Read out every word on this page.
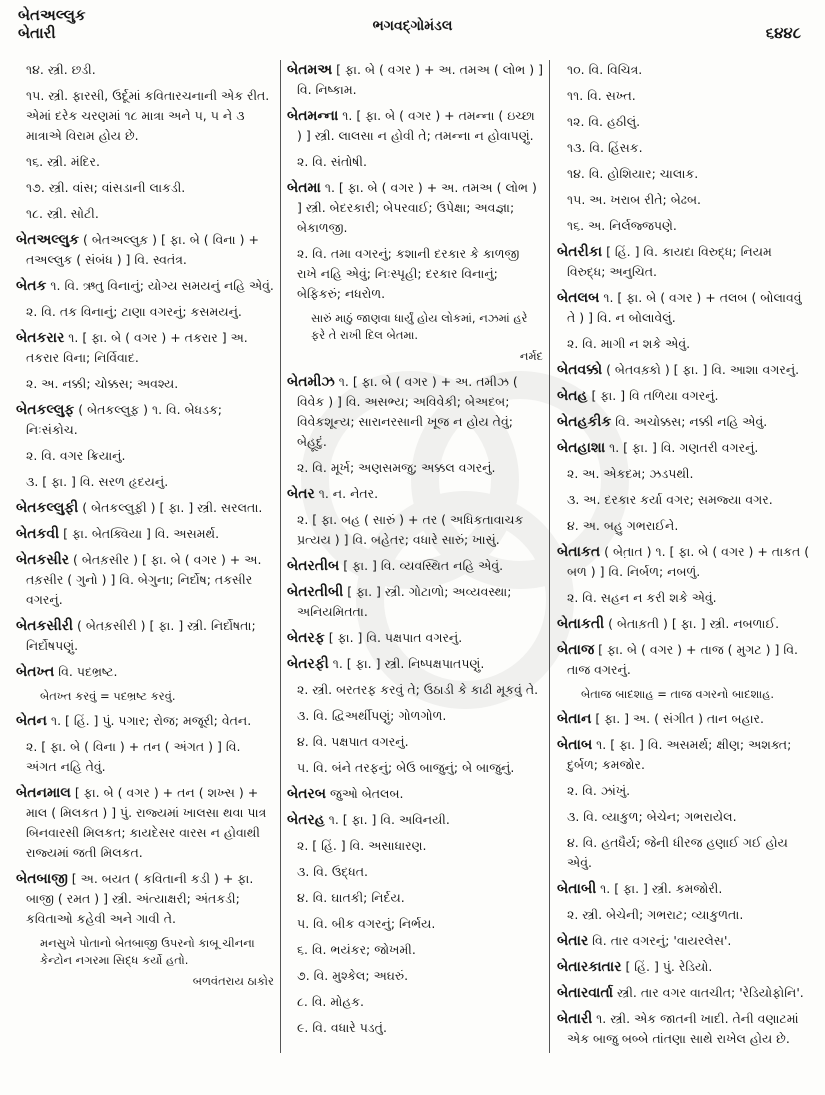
બેતઅલ્લુક
બેતારી	ભગવદ્ગોમંડલ	૬૪૪૮
૧૪. સ્ત્રી. છડી.
૧૫. સ્ત્રી. ફારસી, ઉર્દૂમાં કવિતારચનાની એક રીત. એમાં દરેક ચરણમાં ૧૮ માત્રા અને ૫, ૫ ને ૩ માત્રાએ વિરામ હોય છે.
૧૬. સ્ત્રી. મંદિર.
૧૭. સ્ત્રી. વાંસ; વાંસડાની લાકડી.
૧૮. સ્ત્રી. સોટી.
બેતઅલ્લુક ( બેતઅલ્લુક઼ ) [ ફા. બે ( વિના ) + તઅલ્લુક ( સંબંધ ) ] વિ. સ્વતંત્ર.
બેતક ૧. વિ. ઋતુ વિનાનું; યોગ્ય સમયનું નહિ એવું.
૨. વિ. તક વિનાનું; ટાણા વગરનું; કસમયનું.
બેતકરાર ૧. [ ફા. બે ( વગર ) + તકરાર ] અ. તકરાર વિના; નિર્વિવાદ.
૨. અ. નક્કી; ચોક્કસ; અવશ્ય.
બેતકલ્લુફ ( બેતકલ્લુફ઼ ) ૧. વિ. બેધડક; નિઃસંકોચ.
૨. વિ. વગર ક્રિયાનું.
૩. [ ફા. ] વિ. સરળ હૃદયનું.
બેતકલ્લુફી ( બેતકલ્લુફ઼ી ) [ ફા. ] સ્ત્રી. સરલતા.
બેતકવી [ ફા. બેતક્વિયા ] વિ. અસમર્થ.
બેતકસીર ( બેતક઼સીર ) [ ફા. બે ( વગર ) + અ. તક઼સીર ( ગુનો ) ] વિ. બેગુના; નિર્દોષ; તકસીર વગરનું.
બેતકસીરી ( બેતક઼સીરી ) [ ફા. ] સ્ત્રી. નિર્દોષતા; નિર્દોષપણું.
બેતખ્ત વિ. પદભ્રષ્ટ.
બેતખ્ત કરવું = પદભ્રષ્ટ કરવું.
બેતન ૧. [ હિં. ] પું. પગાર; રોજ; મજૂરી; વેતન.
૨. [ ફા. બે ( વિના ) + તન ( અંગત ) ] વિ. અંગત નહિ તેવું.
બેતનમાલ [ ફા. બે ( વગર ) + તન ( શખ્સ ) + માલ ( મિલકત ) ] પું. રાજ્યમાં ખાલસા થવા પાત્ર બિનવારસી મિલકત; કાયદેસર વારસ ન હોવાથી રાજ્યમાં જતી મિલકત.
બેતબાજી [ અ. બયત ( કવિતાની કડી ) + ફા. બાજી ( રમત ) ] સ્ત્રી. અંત્યાક્ષરી; અંતકડી; કવિતાઓ કહેવી અને ગાવી તે.
મનસુખે પોતાનો બેતબાજી ઉપરનો કાબૂ ચીનના કેન્ટોન નગરમા સિદ્ધ કર્યો હતો.
બળવંતરાય ઠાકોર
બેતમઅ [ ફા. બે ( વગર ) + અ. તમઅ ( લોભ ) ] વિ. નિષ્કામ.
બેતમન્ના ૧. [ ફા. બે ( વગર ) + તમન્ના ( ઇચ્છા ) ] સ્ત્રી. લાલસા ન હોવી તે; તમન્ના ન હોવાપણું.
૨. વિ. સંતોષી.
બેતમા ૧. [ ફા. બે ( વગર ) + અ. તમઅ ( લોભ ) ] સ્ત્રી. બેદરકારી; બેપરવાઈ; ઉપેક્ષા; અવજ્ઞા; બેકાળજી.
૨. વિ. તમા વગરનું; કશાની દરકાર કે કાળજી રાખે નહિ એવું; નિઃસ્પૃહી; દરકાર વિનાનું; બેફિકરું; નધરોળ.
સારું માઠું જાણવા ધાર્યું હોય લોકમાં, નઝમાં હરે ફરે તે રાખી દિલ બેતમા.
નર્મદ
બેતમીઝ ૧. [ ફા. બે ( વગર ) + અ. તમીઝ ( વિવેક ) ] વિ. અસભ્ય; અવિવેકી; બેઅદબ; વિવેકશૂન્ય; સારાનરસાની ખૂજ ન હોય તેવું; બેહૂદું.
૨. વિ. મૂર્ખ; અણસમજુ; અક્કલ વગરનું.
બેતર ૧. ન. નેતર.
૨. [ ફા. બહ ( સારું ) + તર ( અધિકતાવાચક પ્રત્યય ) ] વિ. બહેતર; વધારે સારું; ખાસું.
બેતરતીબ [ ફા. ] વિ. વ્યવસ્થિત નહિ એવું.
બેતરતીબી [ ફા. ] સ્ત્રી. ગોટાળો; અવ્યવસ્થા; અનિયમિતતા.
બેતરફ [ ફા. ] વિ. પક્ષપાત વગરનું.
બેતરફી ૧. [ ફા. ] સ્ત્રી. નિષ્પક્ષપાતપણું.
૨. સ્ત્રી. બરતરફ કરવું તે; ઉઠાડી કે કાઢી મૂકવું તે.
૩. વિ. દ્વિઅર્થીપણું; ગોળગોળ.
૪. વિ. પક્ષપાત વગરનું.
૫. વિ. બંને તરફનું; બેઉ બાજુનું; બે બાજુનું.
બેતરબ જુઓ બેતલબ.
બેતરહ ૧. [ ફા. ] વિ. અવિનયી.
૨. [ હિં. ] વિ. અસાધારણ.
૩. વિ. ઉદ્ધત.
૪. વિ. ઘાતકી; નિર્દય.
૫. વિ. બીક વગરનું; નિર્ભય.
૬. વિ. ભયંકર; જોખમી.
૭. વિ. મુશ્કેલ; અઘરું.
૮. વિ. મોહક.
૯. વિ. વધારે પડતું.
૧૦. વિ. વિચિત્ર.
૧૧. વિ. સખ્ત.
૧૨. વિ. હઠીલું.
૧૩. વિ. હિંસક.
૧૪. વિ. હોશિયાર; ચાલાક.
૧૫. અ. ખરાબ રીતે; બેઢબ.
૧૬. અ. નિર્લજ્જપણે.
બેતરીકા [ હિં. ] વિ. કાયદા વિરુદ્ધ; નિયમ વિરુદ્ધ; અનુચિત.
બેતલબ ૧. [ ફા. બે ( વગર ) + તલબ ( બોલાવવું તે ) ] વિ. ન બોલાવેલું.
૨. વિ. માગી ન શકે એવું.
બેતવક્કો ( બેતવક઼્કો ) [ ફા. ] વિ. આશા વગરનું.
બેતહ [ ફા. ] વિ તળિયા વગરનું.
બેતહકીક વિ. અચોક્કસ; નક્કી નહિ એવું.
બેતહાશા ૧. [ ફા. ] વિ. ગણતરી વગરનું.
૨. અ. એકદમ; ઝડપથી.
૩. અ. દરકાર કર્યા વગર; સમજ્યા વગર.
૪. અ. બહુ ગભરાઈને.
બેતાકત ( બેતા઼ત ) ૧. [ ફા. બે ( વગર ) + તાકત ( બળ ) ] વિ. નિર્બળ; નબળું.
૨. વિ. સહન ન કરી શકે એવું.
બેતાકતી ( બેતાક઼તી ) [ ફા. ] સ્ત્રી. નબળાઈ.
બેતાજ [ ફા. બે ( વગર ) + તાજ ( મુગટ ) ] વિ. તાજ વગરનું.
બેતાજ બાદશાહ = તાજ વગરનો બાદશાહ.
બેતાન [ ફા. ] અ. ( સંગીત ) તાન બહાર.
બેતાબ ૧. [ ફા. ] વિ. અસમર્થ; ક્ષીણ; અશક્ત; દુર્બળ; કમજોર.
૨. વિ. ઝાંખું.
૩. વિ. વ્યાકુળ; બેચેન; ગભરાયેલ.
૪. વિ. હતધૈર્ય; જેની ધીરજ હણાઈ ગઈ હોય એવું.
બેતાબી ૧. [ ફા. ] સ્ત્રી. કમજોરી.
૨. સ્ત્રી. બેચેની; ગભરાટ; વ્યાકુળતા.
બેતાર વિ. તાર વગરનું; 'વાયરલેસ'.
બેતારકાતાર [ હિં. ] પું. રેડિયો.
બેતારવાર્તા સ્ત્રી. તાર વગર વાતચીત; 'રેડિયોફોનિ'.
બેતારી ૧. સ્ત્રી. એક જાતની ખાદી. તેની વણાટમાં એક બાજુ બબ્બે તાંતણા સાથે રાખેલ હોય છે.
